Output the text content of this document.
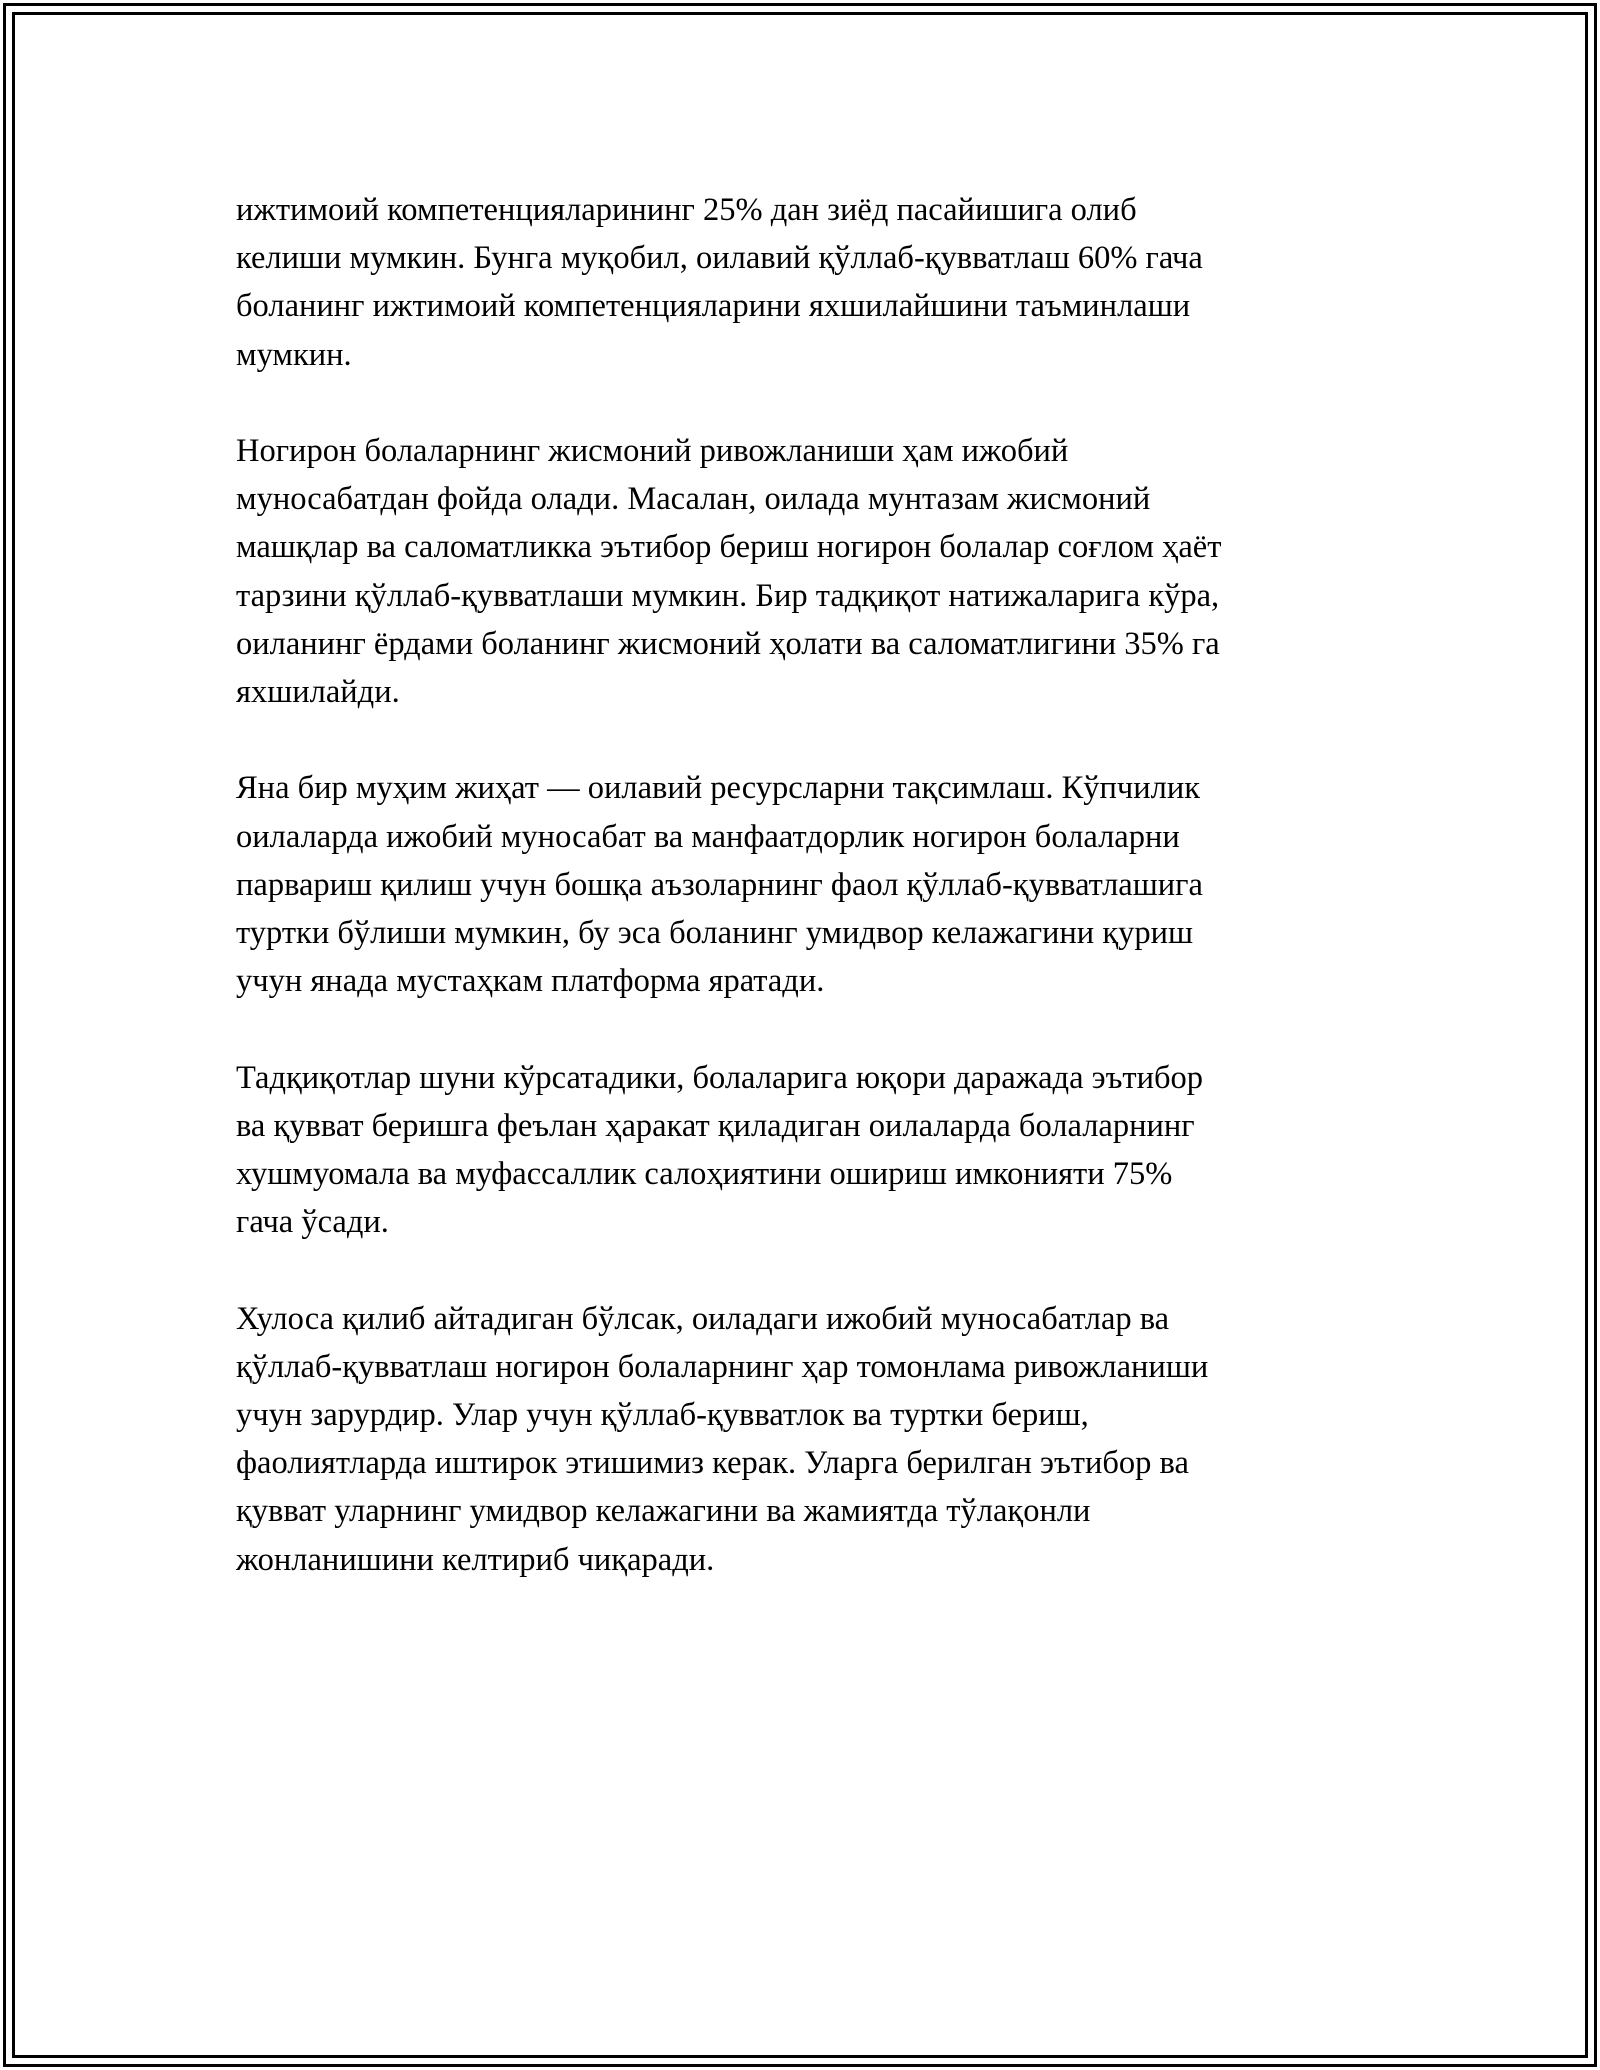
ижтимоий компетенцияларининг 25% дан зиёд пасайишига олиб
келиши мумкин. Бунга муқобил, оилавий қўллаб-қувватлаш 60% гача
боланинг ижтимоий компетенцияларини яхшилайшини таъминлаши
мумкин.

Ногирон болаларнинг жисмоний ривожланиши ҳам ижобий
муносабатдан фойда олади. Масалан, оилада мунтазам жисмоний
машқлар ва саломатликка эътибор бериш ногирон болалар соғлом ҳаёт
тарзини қўллаб-қувватлаши мумкин. Бир тадқиқот натижаларига кўра,
оиланинг ёрдами боланинг жисмоний ҳолати ва саломатлигини 35% га
яхшилайди.

Яна бир муҳим жиҳат — оилавий ресурсларни тақсимлаш. Кўпчилик
оилаларда ижобий муносабат ва манфаатдорлик ногирон болаларни
парвариш қилиш учун бошқа аъзоларнинг фаол қўллаб-қувватлашига
туртки бўлиши мумкин, бу эса боланинг умидвор келажагини қуриш
учун янада мустаҳкам платформа яратади.

Тадқиқотлар шуни кўрсатадики, болаларига юқори даражада эътибор
ва қувват беришга феълан ҳаракат қиладиган оилаларда болаларнинг
хушмуомала ва муфассаллик салоҳиятини ошириш имконияти 75%
гача ўсади.

Хулоса қилиб айтадиган бўлсак, оиладаги ижобий муносабатлар ва
қўллаб-қувватлаш ногирон болаларнинг ҳар томонлама ривожланиши
учун зарурдир. Улар учун қўллаб-қувватлок ва туртки бериш,
фаолиятларда иштирок этишимиз керак. Уларга берилган эътибор ва
қувват уларнинг умидвор келажагини ва жамиятда тўлақонли
жонланишини келтириб чиқаради.
